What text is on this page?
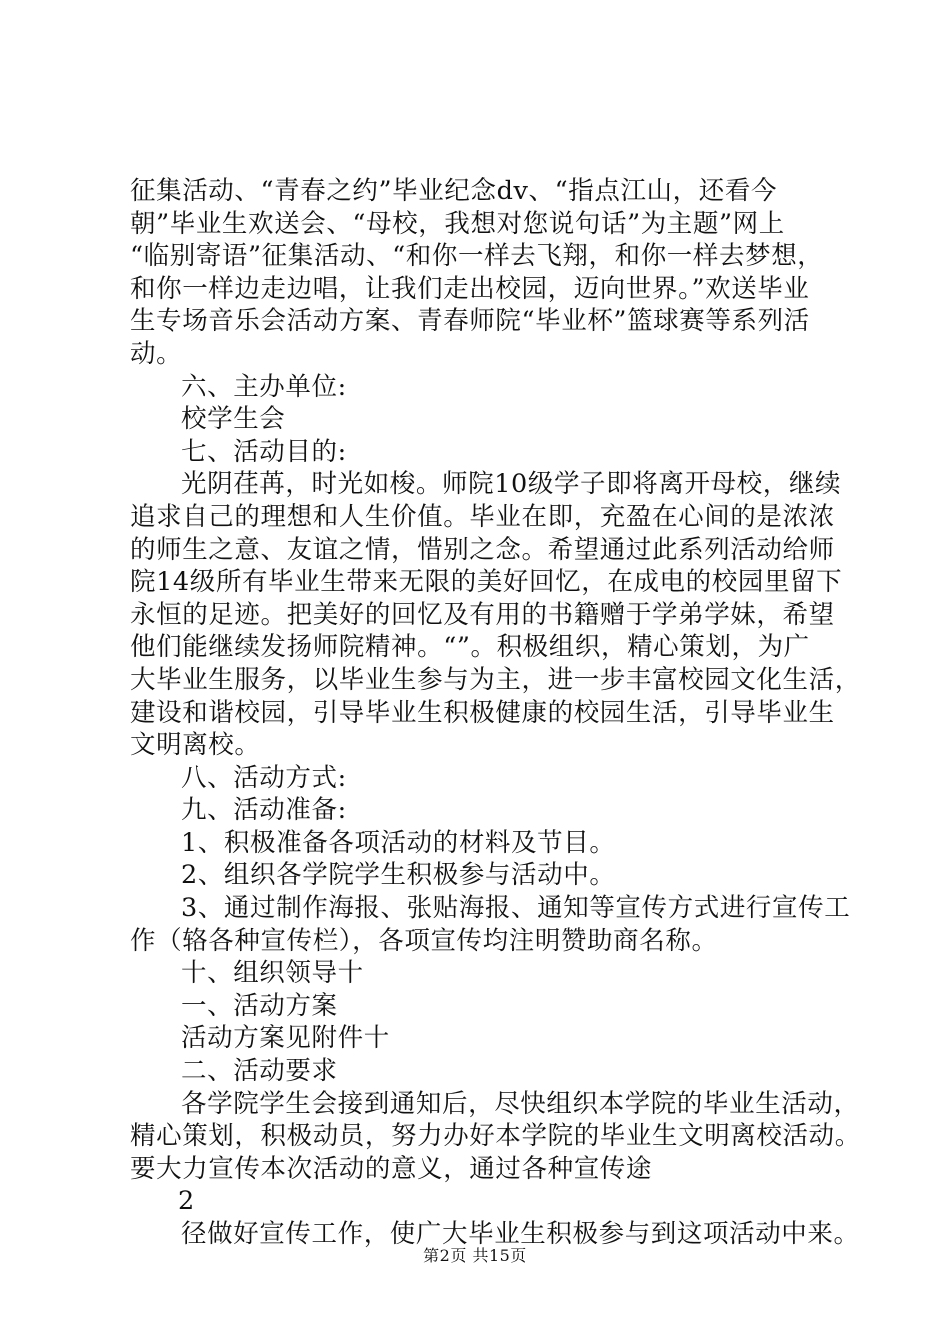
征集活动、“青春之约”毕业纪念dv、“指点江山，还看今
朝”毕业生欢送会、“母校，我想对您说句话”为主题”网上
“临别寄语”征集活动、“和你一样去飞翔，和你一样去梦想，
和你一样边走边唱，让我们走出校园，迈向世界。”欢送毕业
生专场音乐会活动方案、青春师院“毕业杯”篮球赛等系列活
动。
六、主办单位:
校学生会
七、活动目的:
光阴荏苒，时光如梭。师院10级学子即将离开母校，继续
追求自己的理想和人生价值。毕业在即，充盈在心间的是浓浓
的师生之意、友谊之情，惜别之念。希望通过此系列活动给师
院14级所有毕业生带来无限的美好回忆，在成电的校园里留下
永恒的足迹。把美好的回忆及有用的书籍赠于学弟学妹，希望
他们能继续发扬师院精神。“”。积极组织，精心策划，为广
大毕业生服务，以毕业生参与为主，进一步丰富校园文化生活，
建设和谐校园，引导毕业生积极健康的校园生活，引导毕业生
文明离校。
八、活动方式:
九、活动准备:
1、积极准备各项活动的材料及节目。
2、组织各学院学生积极参与活动中。
3、通过制作海报、张贴海报、通知等宣传方式进行宣传工
作（辂各种宣传栏），各项宣传均注明赞助商名称。
十、组织领导十
一、活动方案
活动方案见附件十
二、活动要求
各学院学生会接到通知后，尽快组织本学院的毕业生活动，
精心策划，积极动员，努力办好本学院的毕业生文明离校活动。
要大力宣传本次活动的意义，通过各种宣传途
2
径做好宣传工作，使广大毕业生积极参与到这项活动中来。
第2页 共15页
